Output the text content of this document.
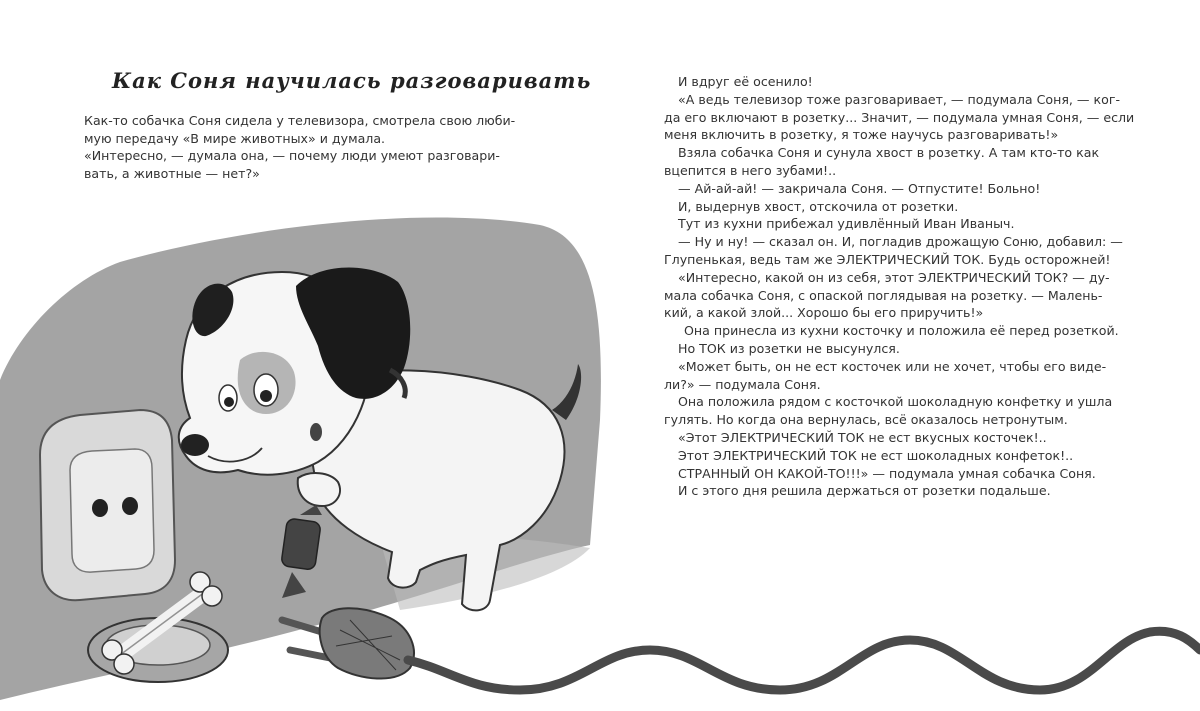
Как Соня научилась разговаривать
Как-то собачка Соня сидела у телевизора, смотрела свою люби-
мую передачу «В мире животных» и думала.
«Интересно, — думала она, — почему люди умеют разговари-
вать, а животные — нет?»
И вдруг её осенило!
«А ведь телевизор тоже разговаривает, — подумала Соня, — ког-
да его включают в розетку... Значит, — подумала умная Соня, — если
меня включить в розетку, я тоже научусь разговаривать!»
Взяла собачка Соня и сунула хвост в розетку. А там кто-то как
вцепится в него зубами!..
— Ай-ай-ай! — закричала Соня. — Отпустите! Больно!
И, выдернув хвост, отскочила от розетки.
Тут из кухни прибежал удивлённый Иван Иваныч.
— Ну и ну! — сказал он. И, погладив дрожащую Соню, добавил: —
Глупенькая, ведь там же ЭЛЕКТРИЧЕСКИЙ ТОК. Будь осторожней!
«Интересно, какой он из себя, этот ЭЛЕКТРИЧЕСКИЙ ТОК? — ду-
мала собачка Соня, с опаской поглядывая на розетку. — Малень-
кий, а какой злой... Хорошо бы его приручить!»
Она принесла из кухни косточку и положила её перед розеткой.
Но ТОК из розетки не высунулся.
«Может быть, он не ест косточек или не хочет, чтобы его виде-
ли?» — подумала Соня.
Она положила рядом с косточкой шоколадную конфетку и ушла
гулять. Но когда она вернулась, всё оказалось нетронутым.
«Этот ЭЛЕКТРИЧЕСКИЙ ТОК не ест вкусных косточек!..
Этот ЭЛЕКТРИЧЕСКИЙ ТОК не ест шоколадных конфеток!..
СТРАННЫЙ ОН КАКОЙ-ТО!!!» — подумала умная собачка Соня.
И с этого дня решила держаться от розетки подальше.
